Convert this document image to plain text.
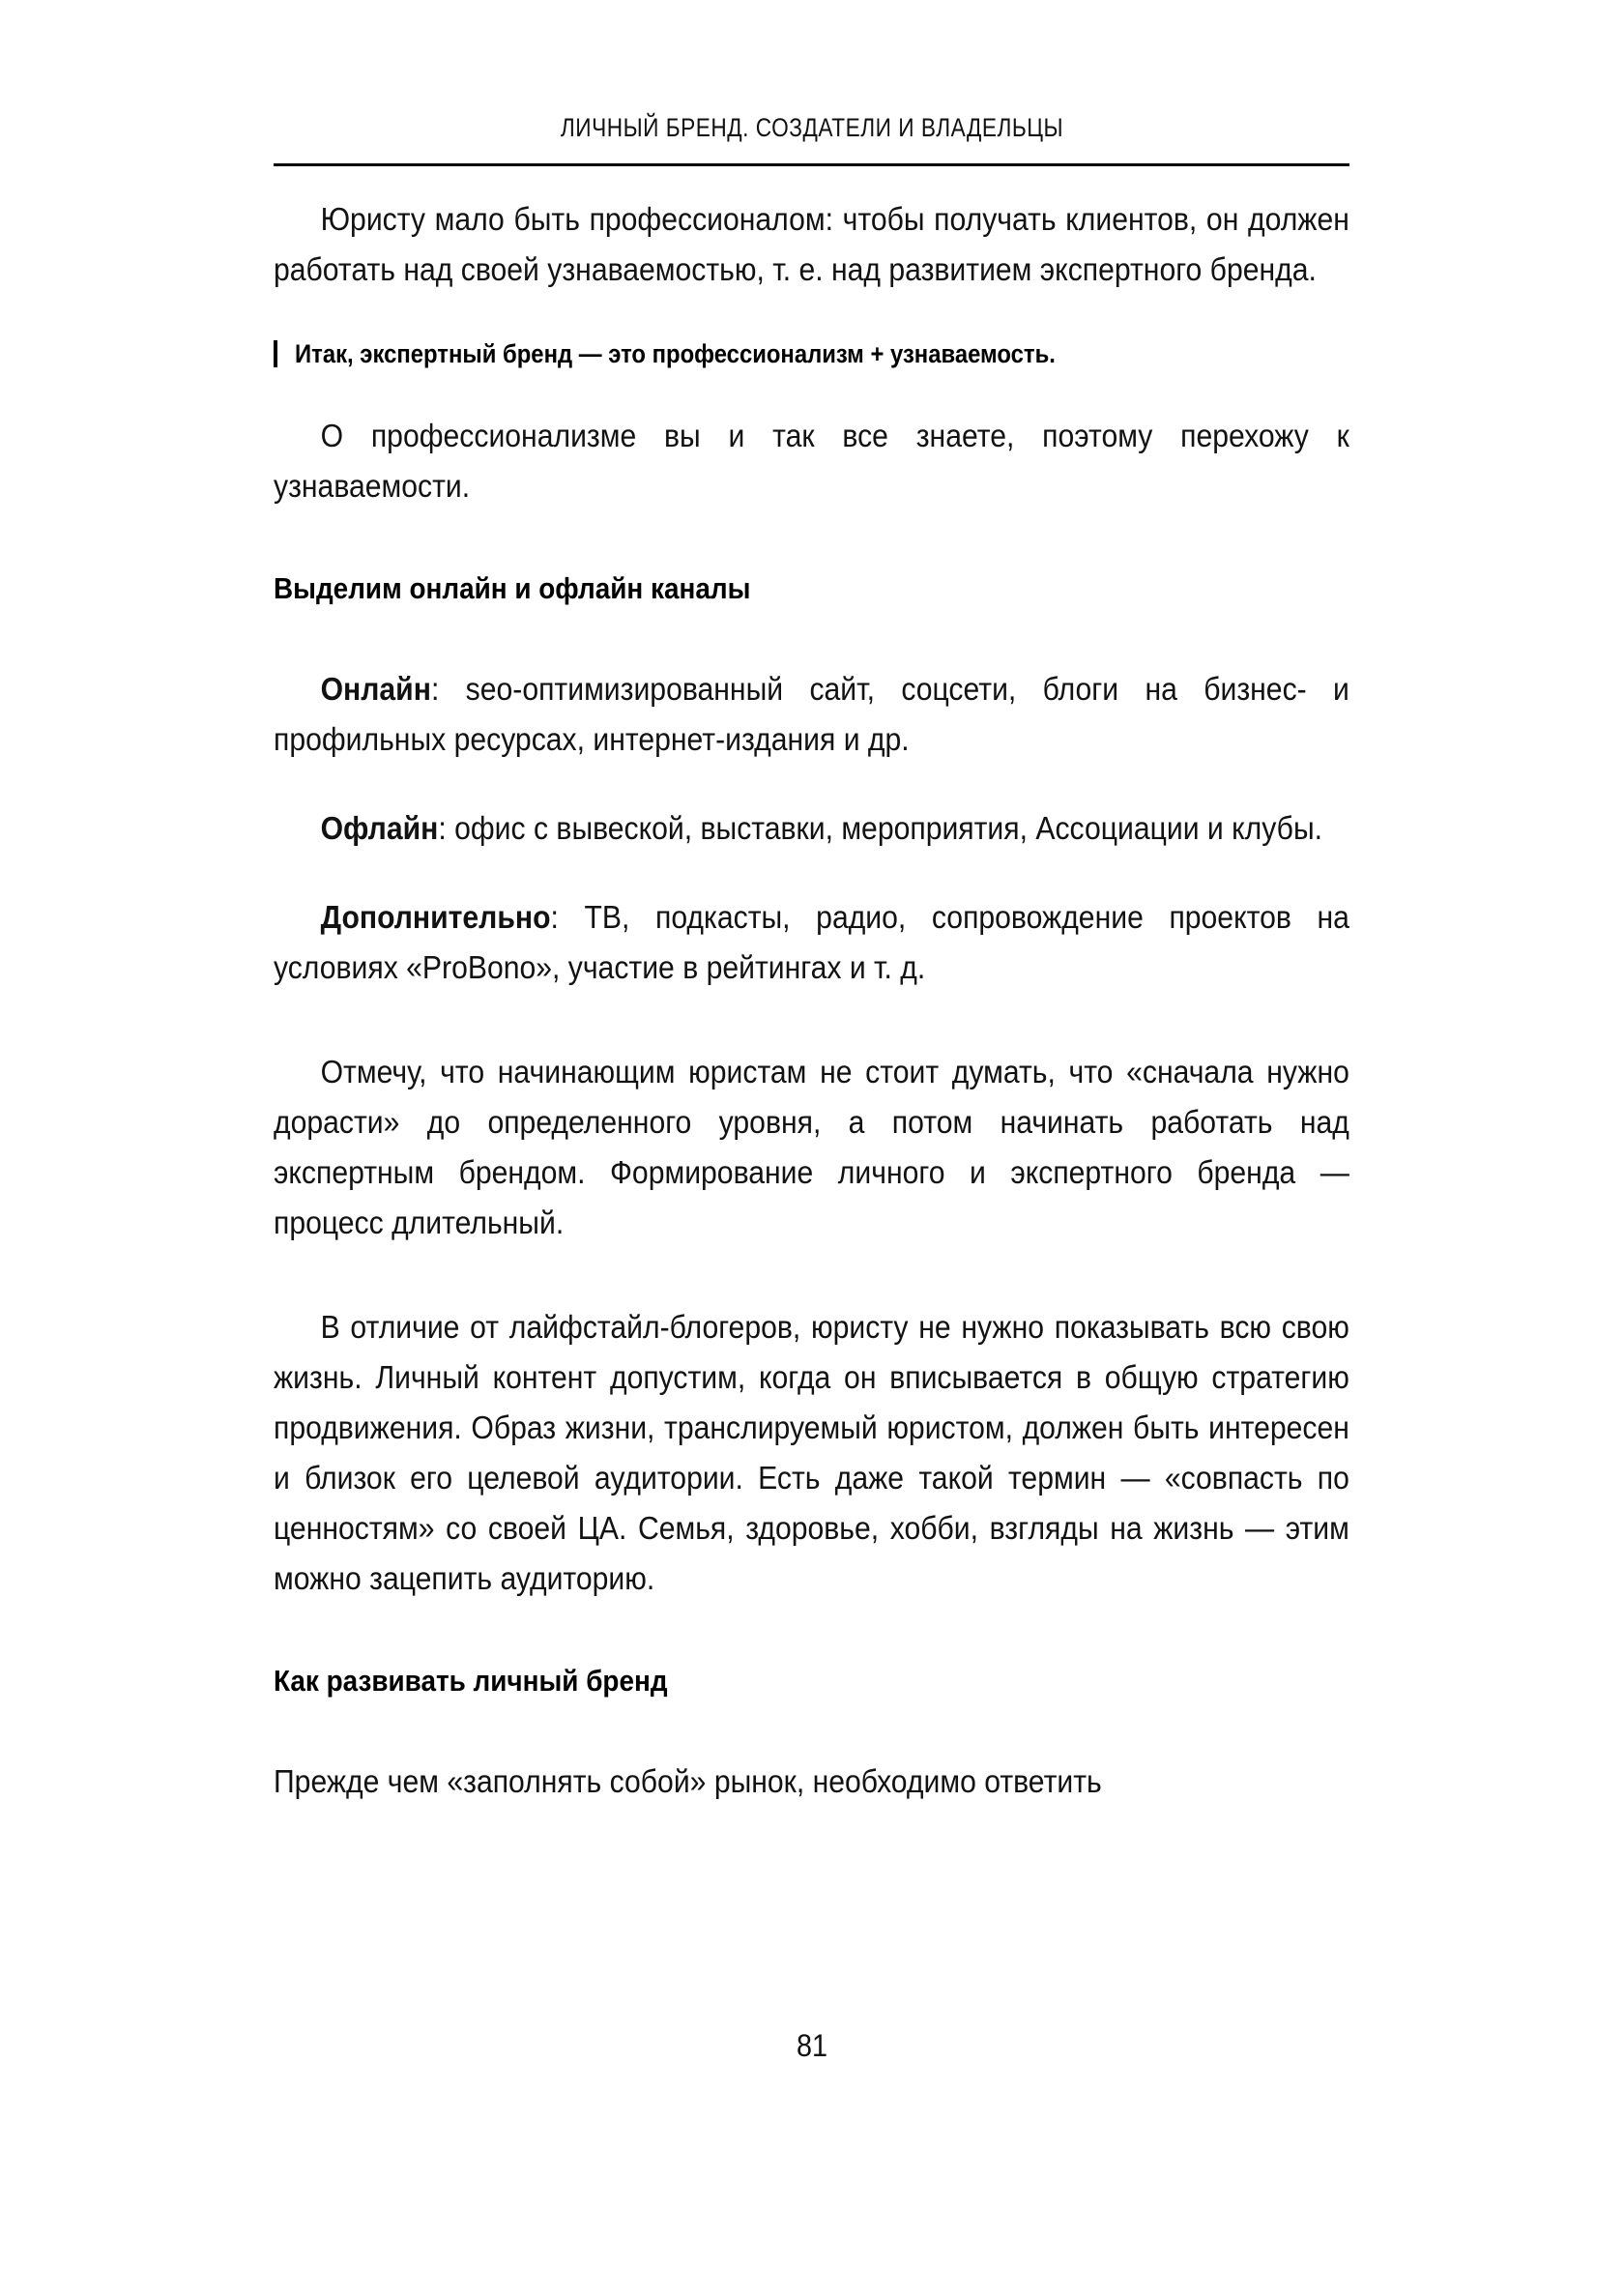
ЛИЧНЫЙ БРЕНД. СОЗДАТЕЛИ И ВЛАДЕЛЬЦЫ

Юристу мало быть профессионалом: чтобы получать клиентов, он должен работать над своей узнаваемостью, т. е. над развитием экспертного бренда.

Итак, экспертный бренд — это профессионализм + узнаваемость.

О профессионализме вы и так все знаете, поэтому перехожу к узнаваемости.

Выделим онлайн и офлайн каналы

Онлайн: seo-оптимизированный сайт, соцсети, блоги на бизнес- и профильных ресурсах, интернет-издания и др.

Офлайн: офис с вывеской, выставки, мероприятия, Ассоциации и клубы.

Дополнительно: ТВ, подкасты, радио, сопровождение проектов на условиях «ProBono», участие в рейтингах и т. д.

Отмечу, что начинающим юристам не стоит думать, что «сначала нужно дорасти» до определенного уровня, а потом начинать работать над экспертным брендом. Формирование личного и экспертного бренда — процесс длительный.

В отличие от лайфстайл-блогеров, юристу не нужно показывать всю свою жизнь. Личный контент допустим, когда он вписывается в общую стратегию продвижения. Образ жизни, транслируемый юристом, должен быть интересен и близок его целевой аудитории. Есть даже такой термин — «совпасть по ценностям» со своей ЦА. Семья, здоровье, хобби, взгляды на жизнь — этим можно зацепить аудиторию.

Как развивать личный бренд

Прежде чем «заполнять собой» рынок, необходимо ответить

81
